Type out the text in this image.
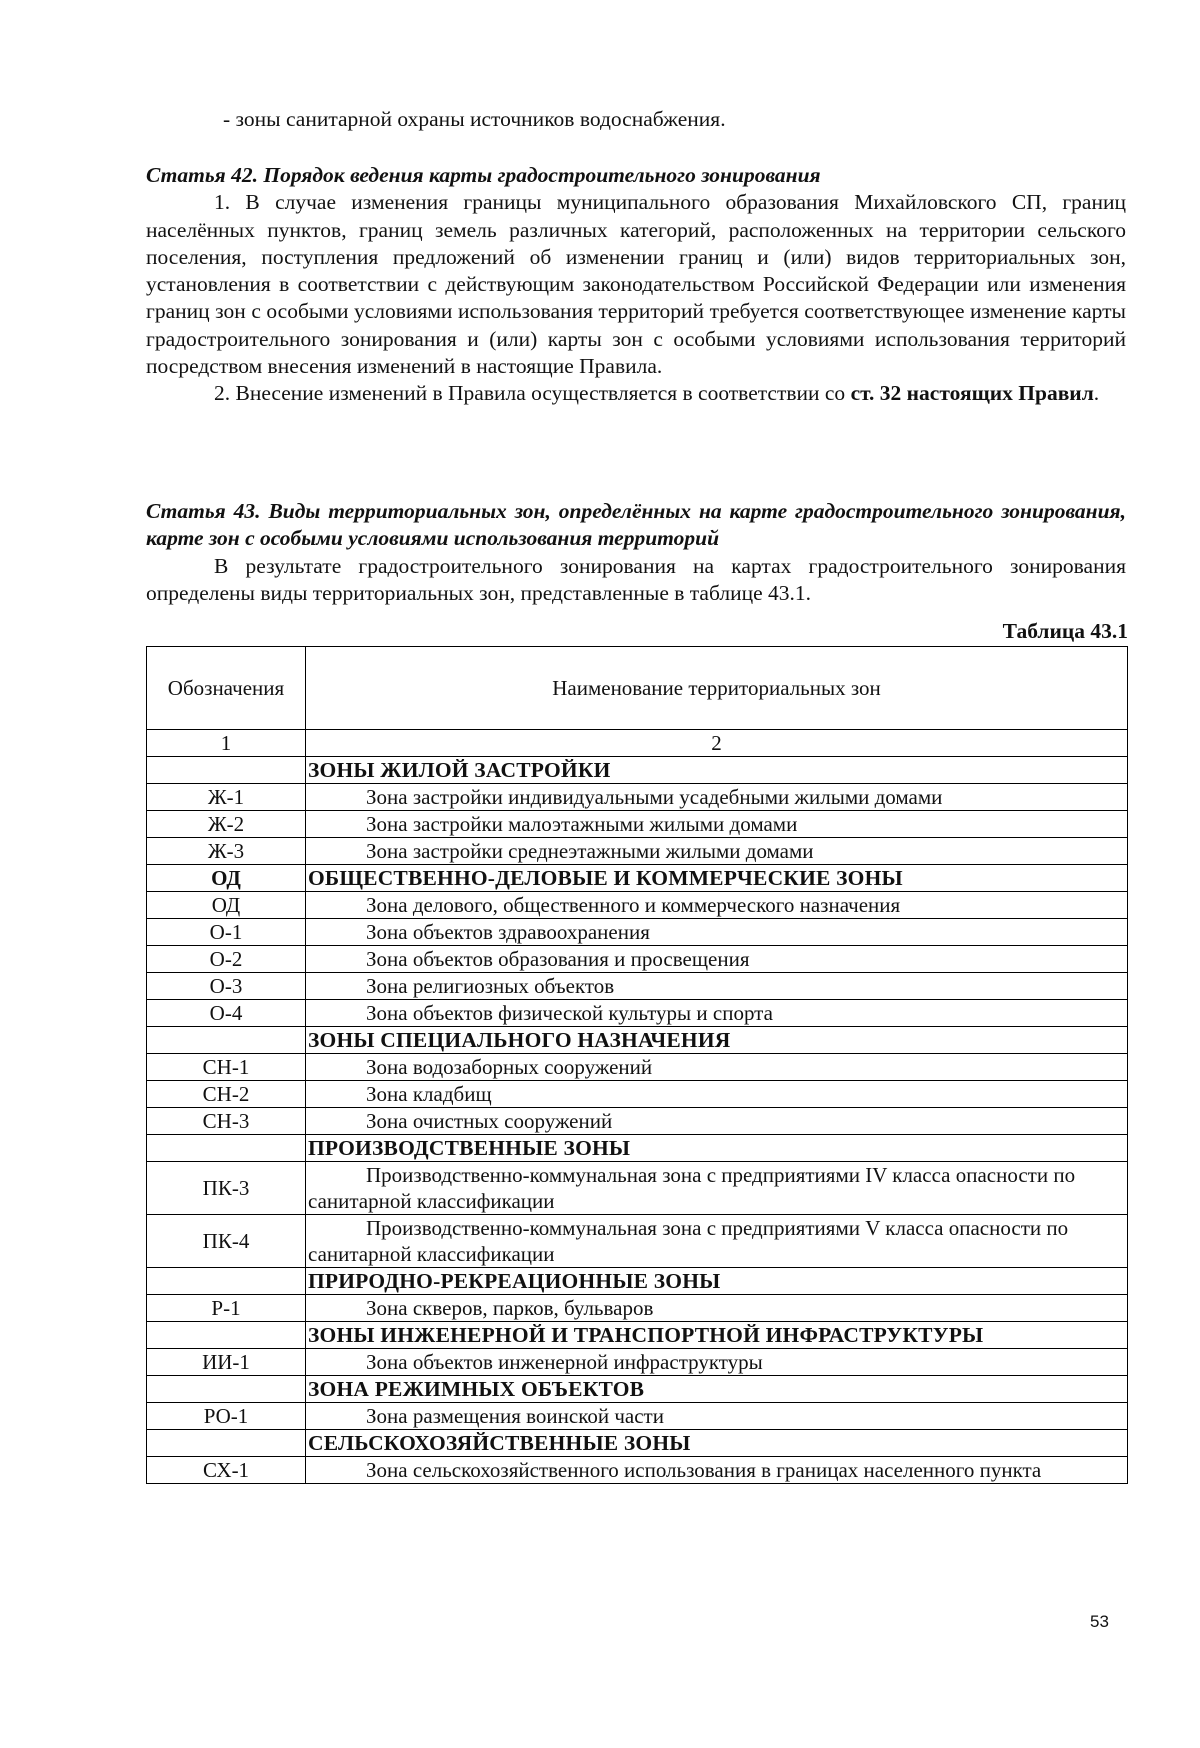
- зоны санитарной охраны источников водоснабжения.

Статья 42. Порядок ведения карты градостроительного зонирования

1. В случае изменения границы муниципального образования Михайловского СП, границ населённых пунктов, границ земель различных категорий, расположенных на территории сельского поселения, поступления предложений об изменении границ и (или) видов территориальных зон, установления в соответствии с действующим законодательством Российской Федерации или изменения границ зон с особыми условиями использования территорий требуется соответствующее изменение карты градостроительного зонирования и (или) карты зон с особыми условиями использования территорий посредством внесения изменений в настоящие Правила.

2. Внесение изменений в Правила осуществляется в соответствии со ст. 32 настоящих Правил.

Статья 43. Виды территориальных зон, определённых на карте градостроительного зонирования, карте зон с особыми условиями использования территорий

В результате градостроительного зонирования на картах градостроительного зонирования определены виды территориальных зон, представленные в таблице 43.1.

Таблица 43.1

Обозначения	Наименование территориальных зон
1	2
	ЗОНЫ ЖИЛОЙ ЗАСТРОЙКИ
Ж-1	Зона застройки индивидуальными усадебными жилыми домами

Ж-2	Зона застройки малоэтажными жилыми домами

Ж-3	Зона застройки среднеэтажными жилыми домами

ОД	ОБЩЕСТВЕННО-ДЕЛОВЫЕ И КОММЕРЧЕСКИЕ ЗОНЫ
ОД	Зона делового, общественного и коммерческого назначения

О-1	Зона объектов здравоохранения

О-2	Зона объектов образования и просвещения

О-3	Зона религиозных объектов

О-4	Зона объектов физической культуры и спорта

	ЗОНЫ СПЕЦИАЛЬНОГО НАЗНАЧЕНИЯ
СН-1	Зона водозаборных сооружений

СН-2	Зона кладбищ

СН-3	Зона очистных сооружений

	ПРОИЗВОДСТВЕННЫЕ ЗОНЫ
ПК-3	Производственно-коммунальная зона с предприятиями IV класса опасности по санитарной классификации

ПК-4	Производственно-коммунальная зона с предприятиями V класса опасности по санитарной классификации

	ПРИРОДНО-РЕКРЕАЦИОННЫЕ ЗОНЫ
Р-1	Зона скверов, парков, бульваров

	ЗОНЫ ИНЖЕНЕРНОЙ И ТРАНСПОРТНОЙ ИНФРАСТРУКТУРЫ
ИИ-1	Зона объектов инженерной инфраструктуры

	ЗОНА РЕЖИМНЫХ ОБЪЕКТОВ
РО-1	Зона размещения воинской части

	СЕЛЬСКОХОЗЯЙСТВЕННЫЕ ЗОНЫ
СХ-1	Зона сельскохозяйственного использования в границах населенного пункта
53
